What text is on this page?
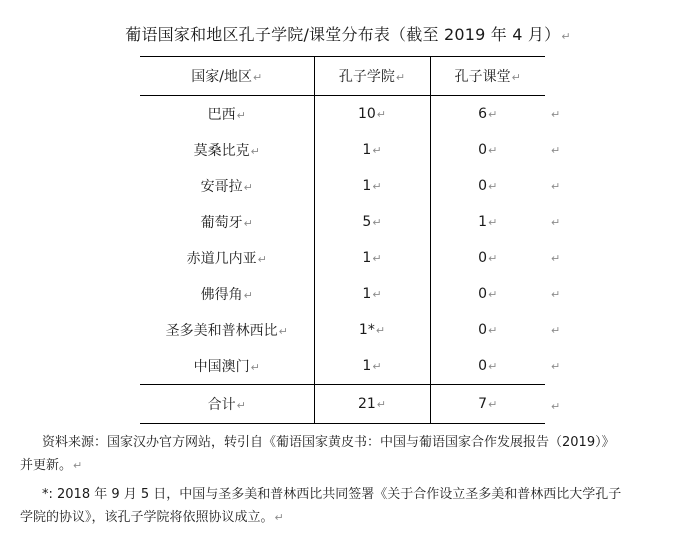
葡语国家和地区孔子学院/课堂分布表（截至 2019 年 4 月）↵
国家/地区↵	孔子学院↵	孔子课堂↵
巴西↵	10↵	6↵
莫桑比克↵	1↵	0↵
安哥拉↵	1↵	0↵
葡萄牙↵	5↵	1↵
赤道几内亚↵	1↵	0↵
佛得角↵	1↵	0↵
圣多美和普林西比↵	1*↵	0↵
中国澳门↵	1↵	0↵
合计↵	21↵	7↵
↵
↵
↵
↵
↵
↵
↵
↵
↵

资料来源：国家汉办官方网站，转引自《葡语国家黄皮书：中国与葡语国家合作发展报告（2019）》

并更新。↵

*: 2018 年 9 月 5 日，中国与圣多美和普林西比共同签署《关于合作设立圣多美和普林西比大学孔子

学院的协议》，该孔子学院将依照协议成立。↵
